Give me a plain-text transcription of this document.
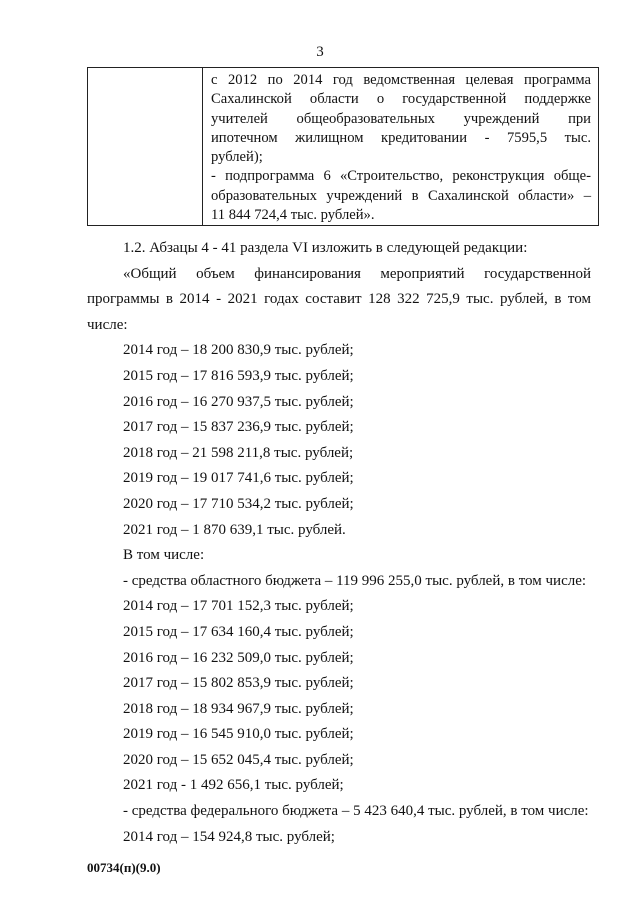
3

с 2012 по 2014 год ведомственная целевая программа
Сахалинской области о государственной поддержке
учителей общеобразовательных учреждений при
ипотечном жилищном кредитовании - 7595,5 тыс.
рублей);
- подпрограмма 6 «Строительство, реконструкция обще-
образовательных учреждений в Сахалинской области» –
11 844 724,4 тыс. рублей».
1.2. Абзацы 4 - 41 раздела VI изложить в следующей редакции:
«Общий объем финансирования мероприятий государственной
программы в 2014 - 2021 годах составит 128 322 725,9 тыс. рублей, в том
числе:
2014 год – 18 200 830,9 тыс. рублей;
2015 год – 17 816 593,9 тыс. рублей;
2016 год – 16 270 937,5 тыс. рублей;
2017 год – 15 837 236,9 тыс. рублей;
2018 год – 21 598 211,8 тыс. рублей;
2019 год – 19 017 741,6 тыс. рублей;
2020 год – 17 710 534,2 тыс. рублей;
2021 год – 1 870 639,1 тыс. рублей.
В том числе:
- средства областного бюджета – 119 996 255,0 тыс. рублей, в том числе:
2014 год – 17 701 152,3 тыс. рублей;
2015 год – 17 634 160,4 тыс. рублей;
2016 год – 16 232 509,0 тыс. рублей;
2017 год – 15 802 853,9 тыс. рублей;
2018 год – 18 934 967,9 тыс. рублей;
2019 год – 16 545 910,0 тыс. рублей;
2020 год – 15 652 045,4 тыс. рублей;
2021 год - 1 492 656,1 тыс. рублей;
- средства федерального бюджета – 5 423 640,4 тыс. рублей, в том числе:
2014 год – 154 924,8 тыс. рублей;
00734(п)(9.0)
